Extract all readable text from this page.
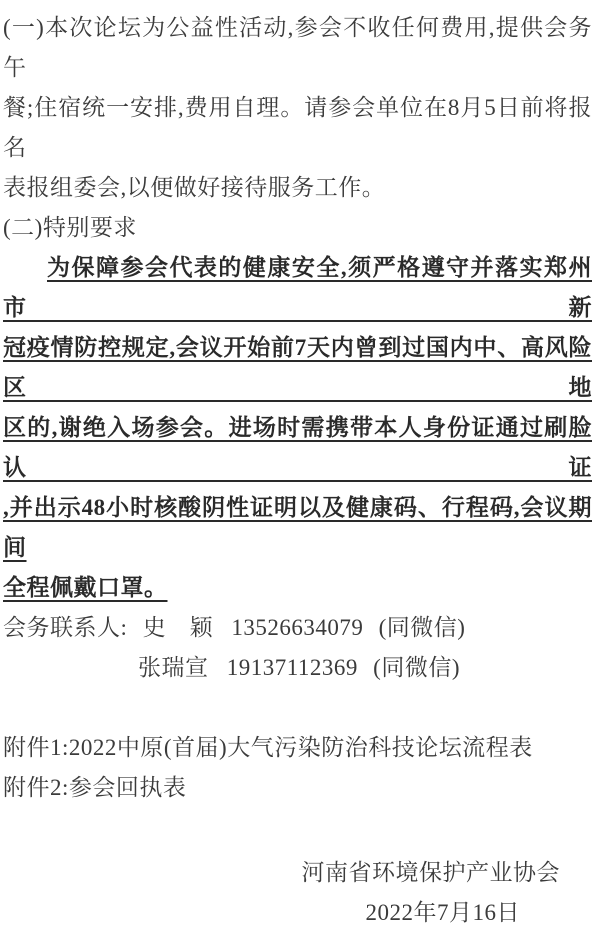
(一)本次论坛为公益性活动,参会不收任何费用,提供会务午
餐;住宿统一安排,费用自理。请参会单位在8月5日前将报名
表报组委会,以便做好接待服务工作。
(二)特别要求
为保障参会代表的健康安全,须严格遵守并落实郑州市新
冠疫情防控规定,会议开始前7天内曾到过国内中、高风险区地
区的,谢绝入场参会。进场时需携带本人身份证通过刷脸认证
,并出示48小时核酸阴性证明以及健康码、行程码,会议期间
全程佩戴口罩。
会务联系人: 史　颖 13526634079 (同微信)
张瑞宣 19137112369 (同微信)
附件1:2022中原(首届)大气污染防治科技论坛流程表
附件2:参会回执表
河南省环境保护产业协会
2022年7月16日
